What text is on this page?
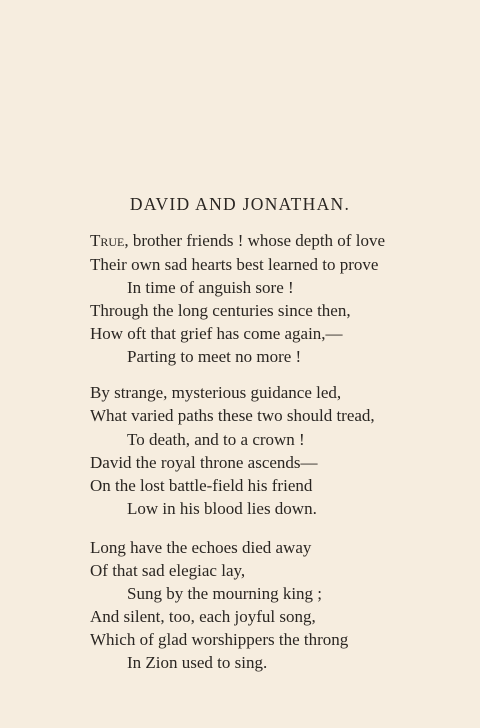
DAVID AND JONATHAN.
True, brother friends ! whose depth of love
Their own sad hearts best learned to prove
In time of anguish sore !
Through the long centuries since then,
How oft that grief has come again,—
Parting to meet no more !
By strange, mysterious guidance led,
What varied paths these two should tread,
To death, and to a crown !
David the royal throne ascends—
On the lost battle-field his friend
Low in his blood lies down.
Long have the echoes died away
Of that sad elegiac lay,
Sung by the mourning king ;
And silent, too, each joyful song,
Which of glad worshippers the throng
In Zion used to sing.
